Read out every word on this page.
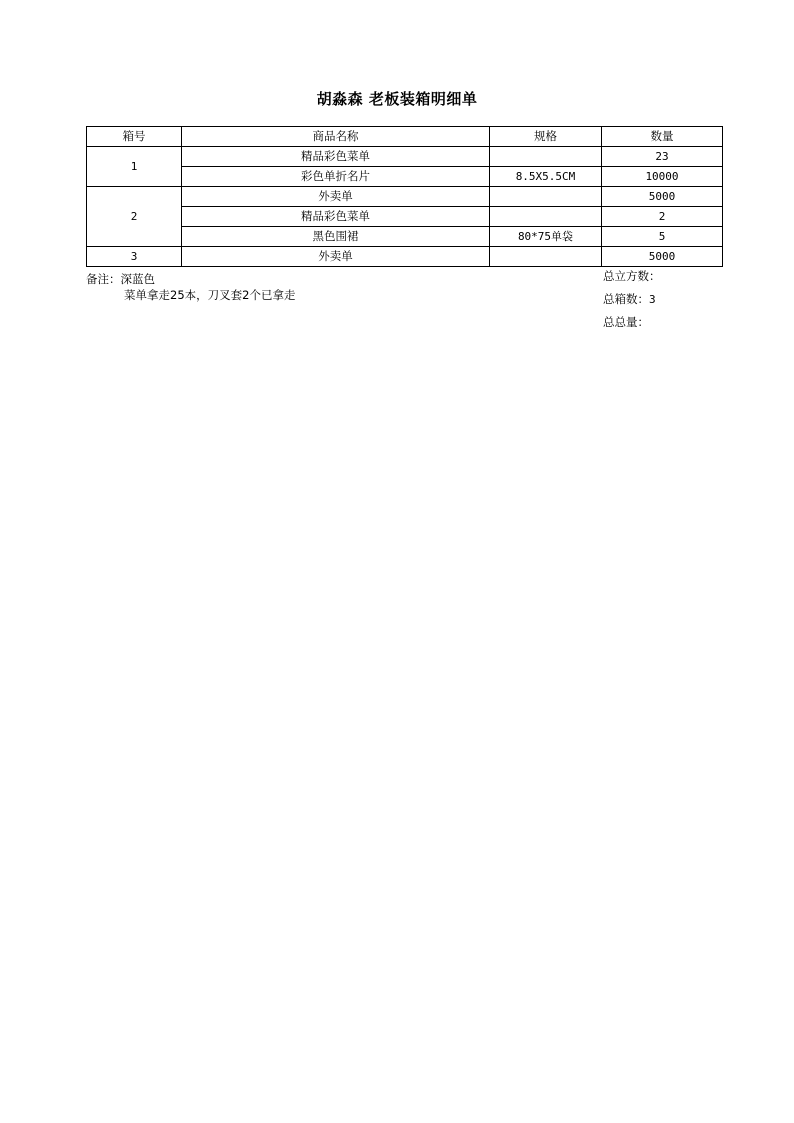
胡淼森 老板装箱明细单
箱号	商品名称	规格	数量
1	精品彩色菜单		23
	彩色单折名片	8.5X5.5CM	10000
2	外卖单		5000
	精品彩色菜单		2
	黑色围裙	80*75单袋	5
3	外卖单		5000
备注：深蓝色
菜单拿走25本，刀叉套2个已拿走
总立方数：
总箱数：3
总总量：
